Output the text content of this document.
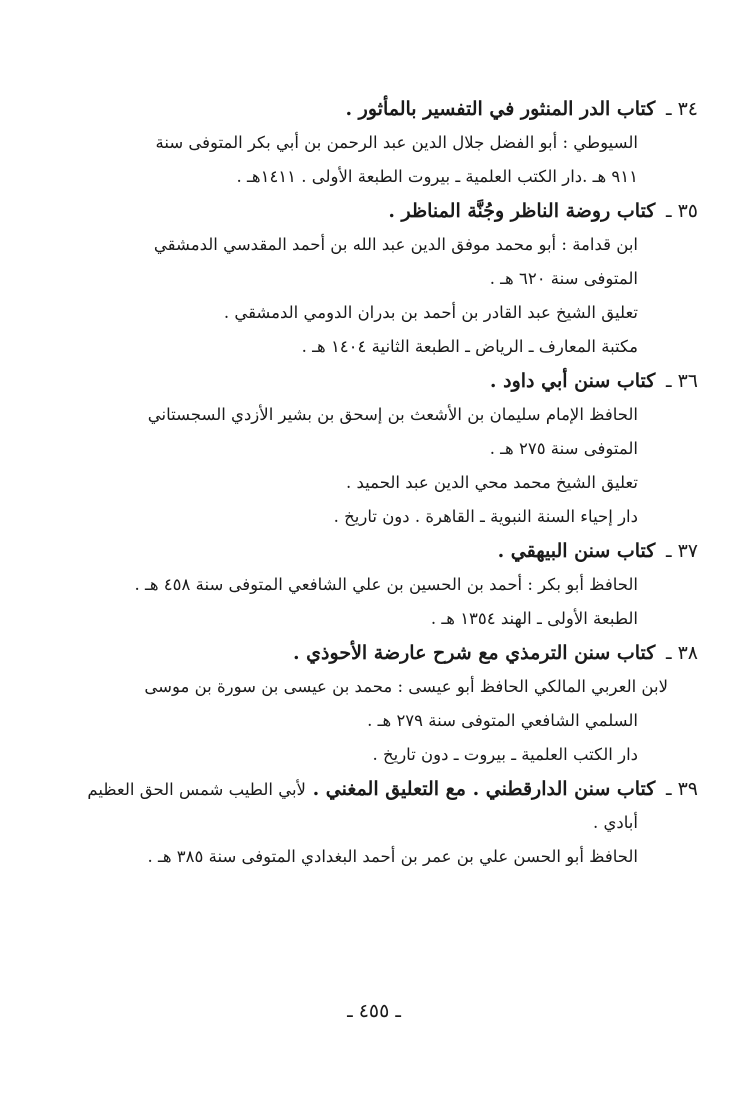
٣٤ ـ كتاب الدر المنثور في التفسير بالمأثور .
السيوطي : أبو الفضل جلال الدين عبد الرحمن بن أبي بكر المتوفى سنة
٩١١ هـ .دار الكتب العلمية ـ بيروت الطبعة الأولى . ١٤١١هـ .
٣٥ ـ كتاب روضة الناظر وجُنَّة المناظر .
ابن قدامة : أبو محمد موفق الدين عبد الله بن أحمد المقدسي الدمشقي
المتوفى سنة ٦٢٠ هـ .
تعليق الشيخ عبد القادر بن أحمد بن بدران الدومي الدمشقي .
مكتبة المعارف ـ الرياض ـ الطبعة الثانية ١٤٠٤ هـ .
٣٦ ـ كتاب سنن أبي داود .
الحافظ الإمام سليمان بن الأشعث بن إسحق بن بشير الأزدي السجستاني
المتوفى سنة ٢٧٥ هـ .
تعليق الشيخ محمد محي الدين عبد الحميد .
دار إحياء السنة النبوية ـ القاهرة . دون تاريخ .
٣٧ ـ كتاب سنن البيهقي .
الحافظ أبو بكر : أحمد بن الحسين بن علي الشافعي المتوفى سنة ٤٥٨ هـ .
الطبعة الأولى ـ الهند ١٣٥٤ هـ .
٣٨ ـ كتاب سنن الترمذي مع شرح عارضة الأحوذي .
لابن العربي المالكي الحافظ أبو عيسى : محمد بن عيسى بن سورة بن موسى
السلمي الشافعي المتوفى سنة ٢٧٩ هـ .
دار الكتب العلمية ـ بيروت ـ دون تاريخ .
٣٩ ـ كتاب سنن الدارقطني . مع التعليق المغني . لأبي الطيب شمس الحق العظيم
أبادي .
الحافظ أبو الحسن علي بن عمر بن أحمد البغدادي المتوفى سنة ٣٨٥ هـ .
ـ ٤٥٥ ـ
